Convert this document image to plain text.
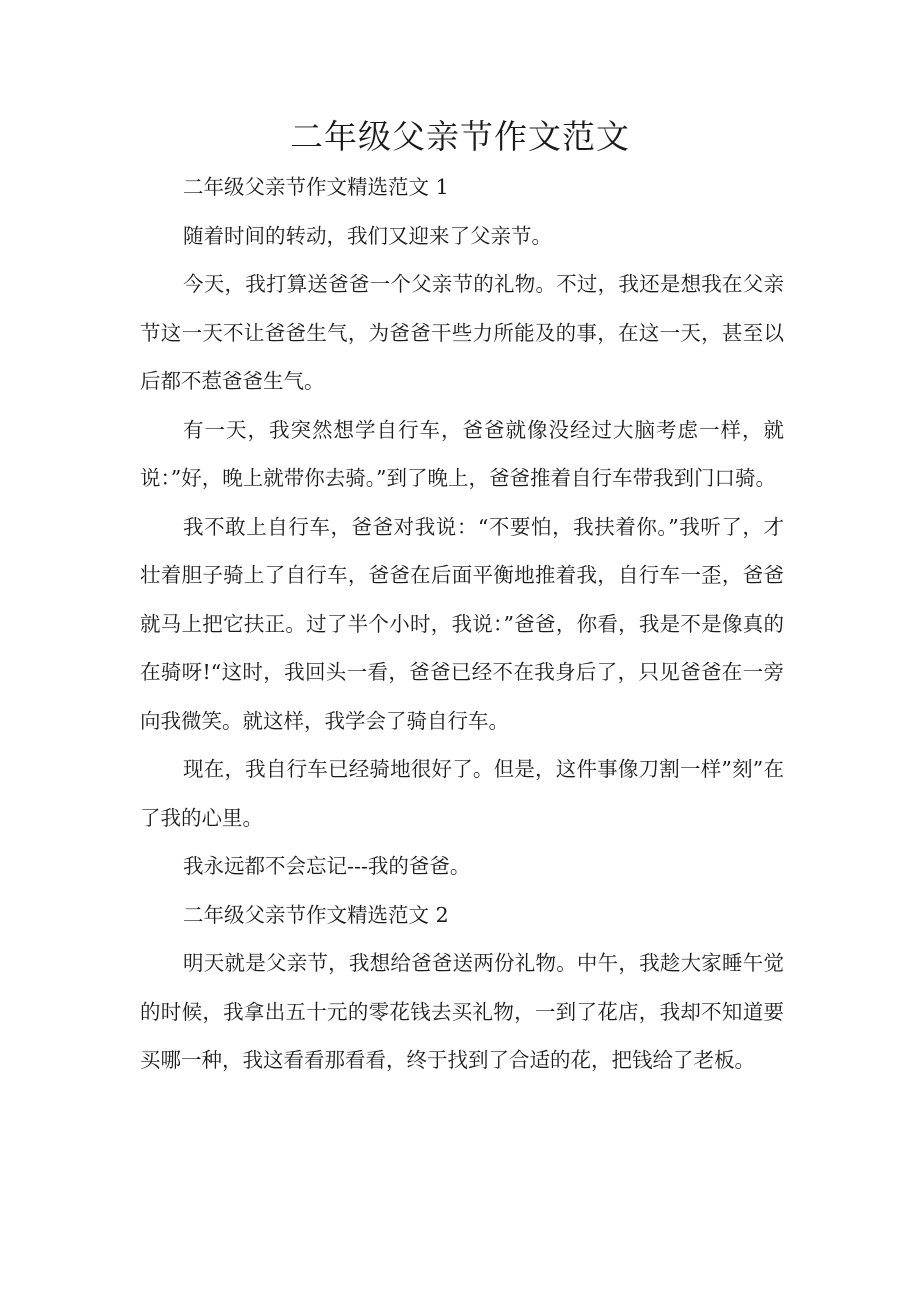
二年级父亲节作文范文

二年级父亲节作文精选范文 1

随着时间的转动，我们又迎来了父亲节。

今天，我打算送爸爸一个父亲节的礼物。不过，我还是想我在父亲节这一天不让爸爸生气，为爸爸干些力所能及的事，在这一天，甚至以后都不惹爸爸生气。

有一天，我突然想学自行车，爸爸就像没经过大脑考虑一样，就说：”好，晚上就带你去骑。”到了晚上，爸爸推着自行车带我到门口骑。

我不敢上自行车，爸爸对我说：“不要怕，我扶着你。”我听了，才壮着胆子骑上了自行车，爸爸在后面平衡地推着我，自行车一歪，爸爸就马上把它扶正。过了半个小时，我说：”爸爸，你看，我是不是像真的在骑呀!“这时，我回头一看，爸爸已经不在我身后了，只见爸爸在一旁向我微笑。就这样，我学会了骑自行车。

现在，我自行车已经骑地很好了。但是，这件事像刀割一样”刻”在了我的心里。

我永远都不会忘记---我的爸爸。

二年级父亲节作文精选范文 2

明天就是父亲节，我想给爸爸送两份礼物。中午，我趁大家睡午觉的时候，我拿出五十元的零花钱去买礼物，一到了花店，我却不知道要买哪一种，我这看看那看看，终于找到了合适的花，把钱给了老板。
